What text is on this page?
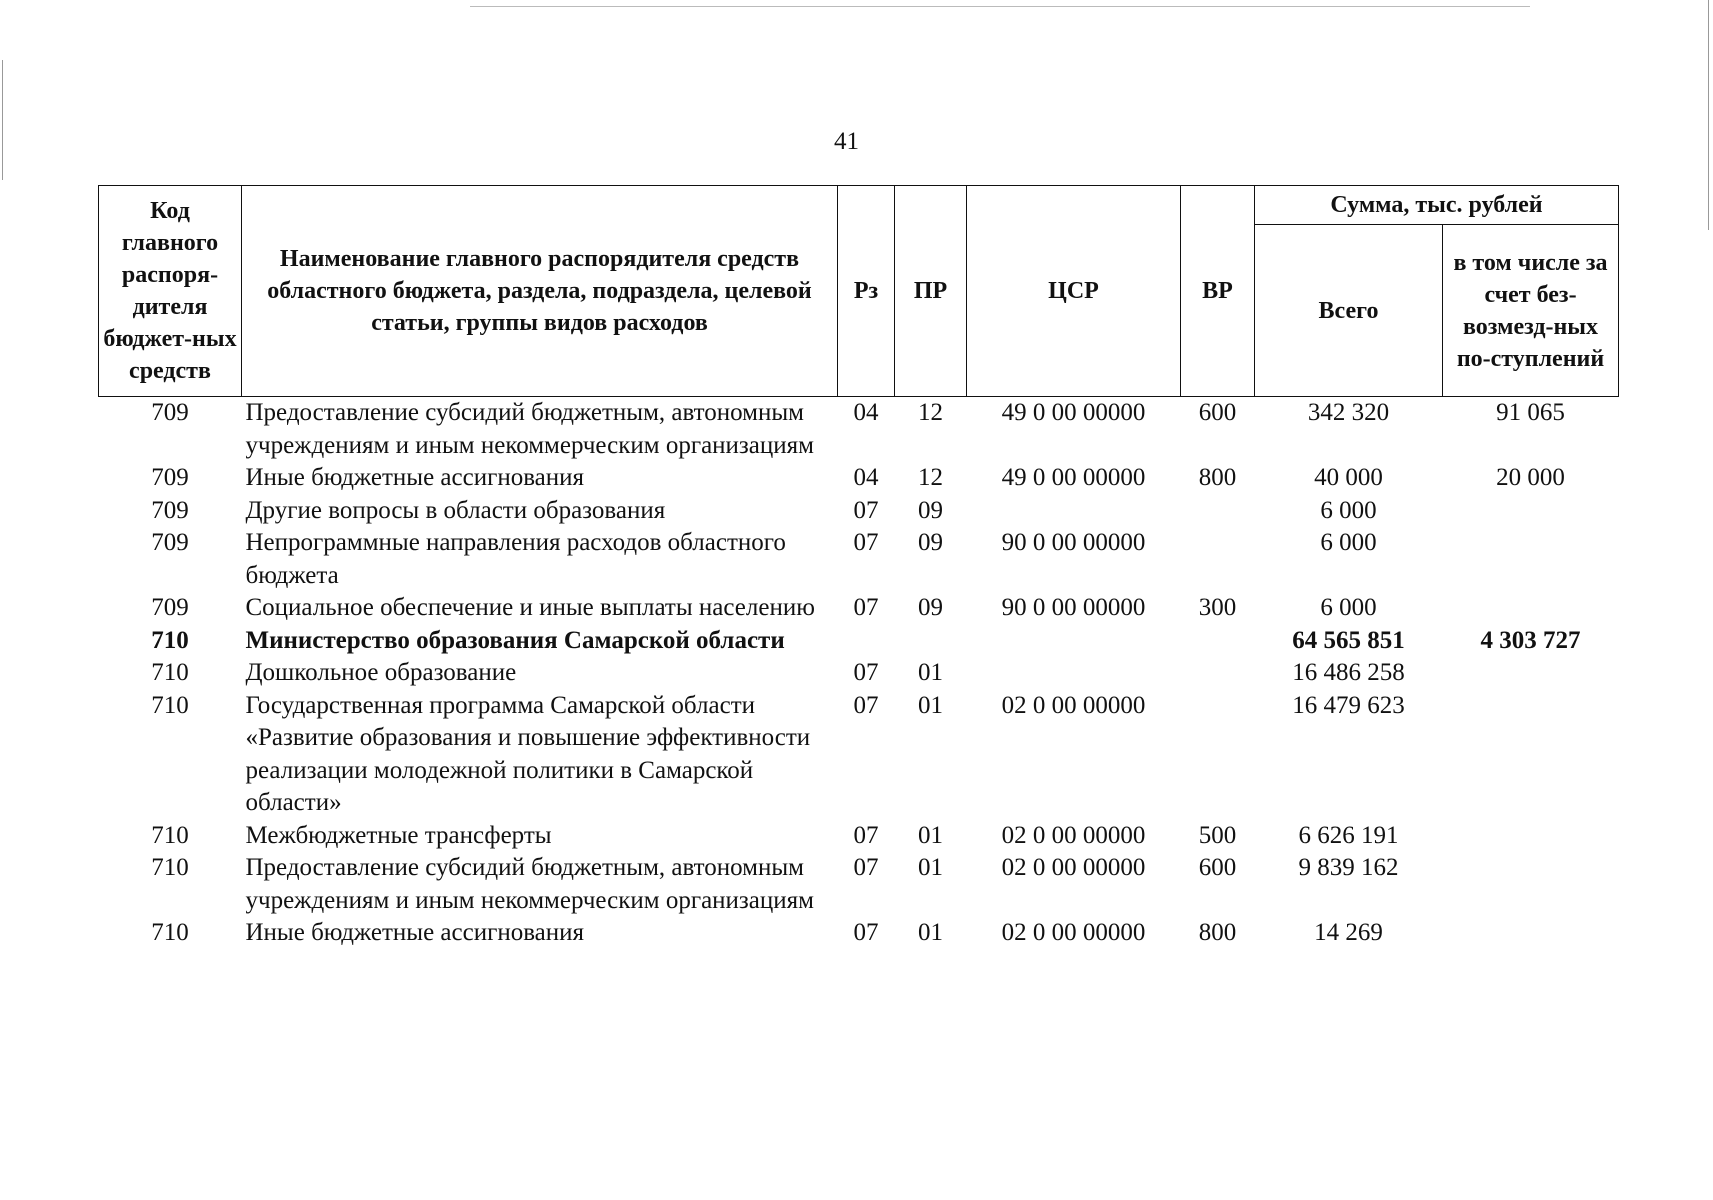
41
Код главного распоря-дителя бюджет-ных средств	Наименование главного распорядителя средств областного бюджета, раздела, подраздела, целевой статьи, группы видов расходов	Рз	ПР	ЦСР	ВР	Сумма, тыс. рублей	
						Всего	в том числе за счет без-возмезд-ных по-ступлений
709	Предоставление субсидий бюджетным, автономным учреждениям и иным некоммерческим организациям	04	12	49 0 00 00000	600	342 320	91 065
709	Иные бюджетные ассигнования	04	12	49 0 00 00000	800	40 000	20 000
709	Другие вопросы в области образования	07	09			6 000	
709	Непрограммные направления расходов областного бюджета	07	09	90 0 00 00000		6 000	
709	Социальное обеспечение и иные выплаты населению	07	09	90 0 00 00000	300	6 000	
710	Министерство образования Самарской области					64 565 851	4 303 727
710	Дошкольное образование	07	01			16 486 258	
710	Государственная программа Самарской области «Развитие образования и повышение эффективности реализации молодежной политики в Самарской области»	07	01	02 0 00 00000		16 479 623	
710	Межбюджетные трансферты	07	01	02 0 00 00000	500	6 626 191	
710	Предоставление субсидий бюджетным, автономным учреждениям и иным некоммерческим организациям	07	01	02 0 00 00000	600	9 839 162	
710	Иные бюджетные ассигнования	07	01	02 0 00 00000	800	14 269	
